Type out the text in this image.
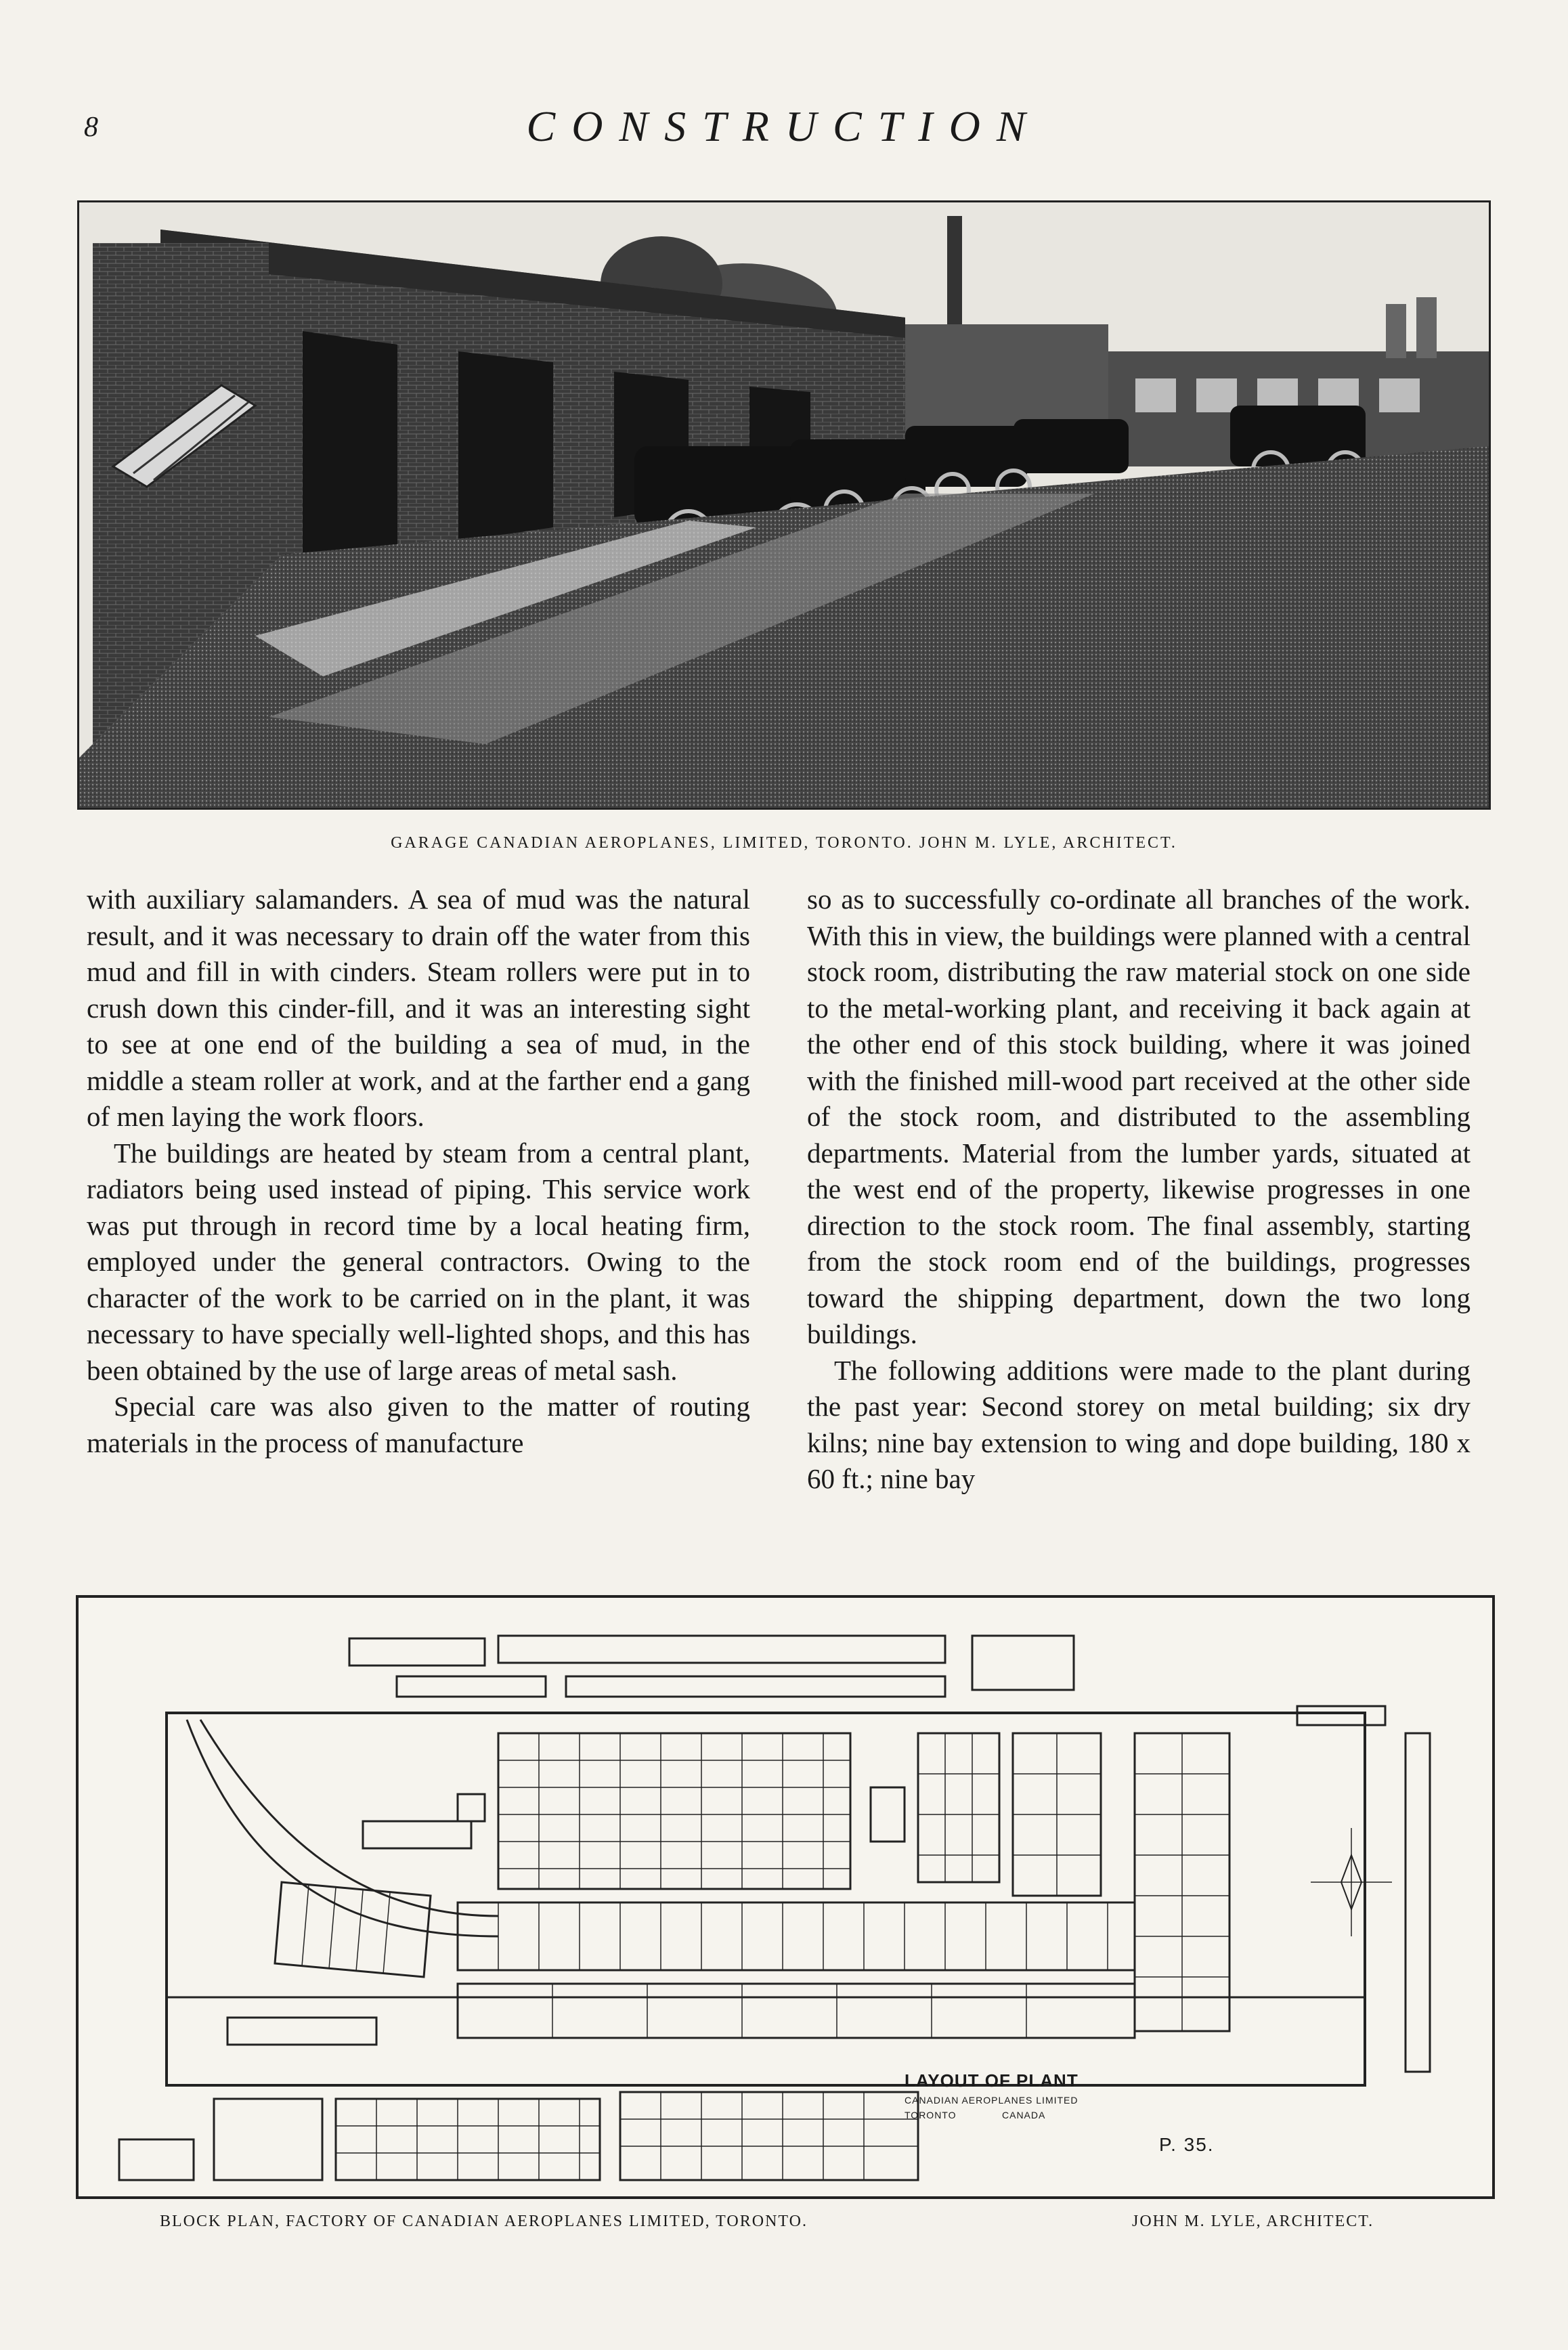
8	CONSTRUCTION
GARAGE CANADIAN AEROPLANES, LIMITED, TORONTO. JOHN M. LYLE, ARCHITECT.

with auxiliary salamanders. A sea of mud was the natural result, and it was necessary to drain off the water from this mud and fill in with cinders. Steam rollers were put in to crush down this cinder-fill, and it was an interesting sight to see at one end of the building a sea of mud, in the middle a steam roller at work, and at the farther end a gang of men laying the work floors.

The buildings are heated by steam from a central plant, radiators being used instead of piping. This service work was put through in record time by a local heating firm, employed under the general contractors. Owing to the character of the work to be carried on in the plant, it was necessary to have specially well-lighted shops, and this has been obtained by the use of large areas of metal sash.

Special care was also given to the matter of routing materials in the process of manufacture

so as to successfully co-ordinate all branches of the work. With this in view, the buildings were planned with a central stock room, distributing the raw material stock on one side to the metal-working plant, and receiving it back again at the other end of this stock building, where it was joined with the finished mill-wood part received at the other side of the stock room, and distributed to the assembling departments. Material from the lumber yards, situated at the west end of the property, likewise progresses in one direction to the stock room. The final assembly, starting from the stock room end of the buildings, progresses toward the shipping department, down the two long buildings.

The following additions were made to the plant during the past year: Second storey on metal building; six dry kilns; nine bay extension to wing and dope building, 180 x 60 ft.; nine bay

LAYOUT OF PLANT
CANADIAN AEROPLANES LIMITED
TORONTO	CANADA
P. 35.
BLOCK PLAN, FACTORY OF CANADIAN AEROPLANES LIMITED, TORONTO.	JOHN M. LYLE, ARCHITECT.
